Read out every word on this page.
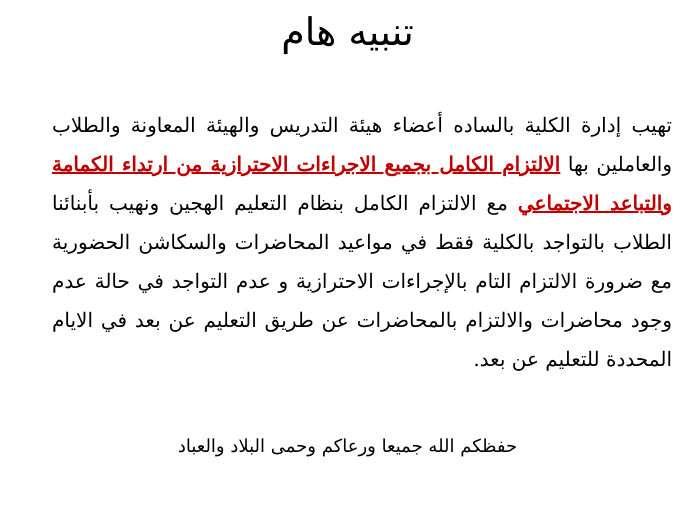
تنبيه هام

تهيب إدارة الكلية بالساده أعضاء هيئة التدريس والهيئة المعاونة والطلاب والعاملين بها الالتزام الكامل بجميع الاجراءات الاحترازية من ارتداء الكمامة والتباعد الاجتماعي مع الالتزام الكامل بنظام التعليم الهجين ونهيب بأبنائنا الطلاب بالتواجد بالكلية فقط في مواعيد المحاضرات والسكاشن الحضورية مع ضرورة الالتزام التام بالإجراءات الاحترازية و عدم التواجد في حالة عدم وجود محاضرات والالتزام بالمحاضرات عن طريق التعليم عن بعد في الايام المحددة للتعليم عن بعد.

حفظكم الله جميعا ورعاكم وحمى البلاد والعباد
